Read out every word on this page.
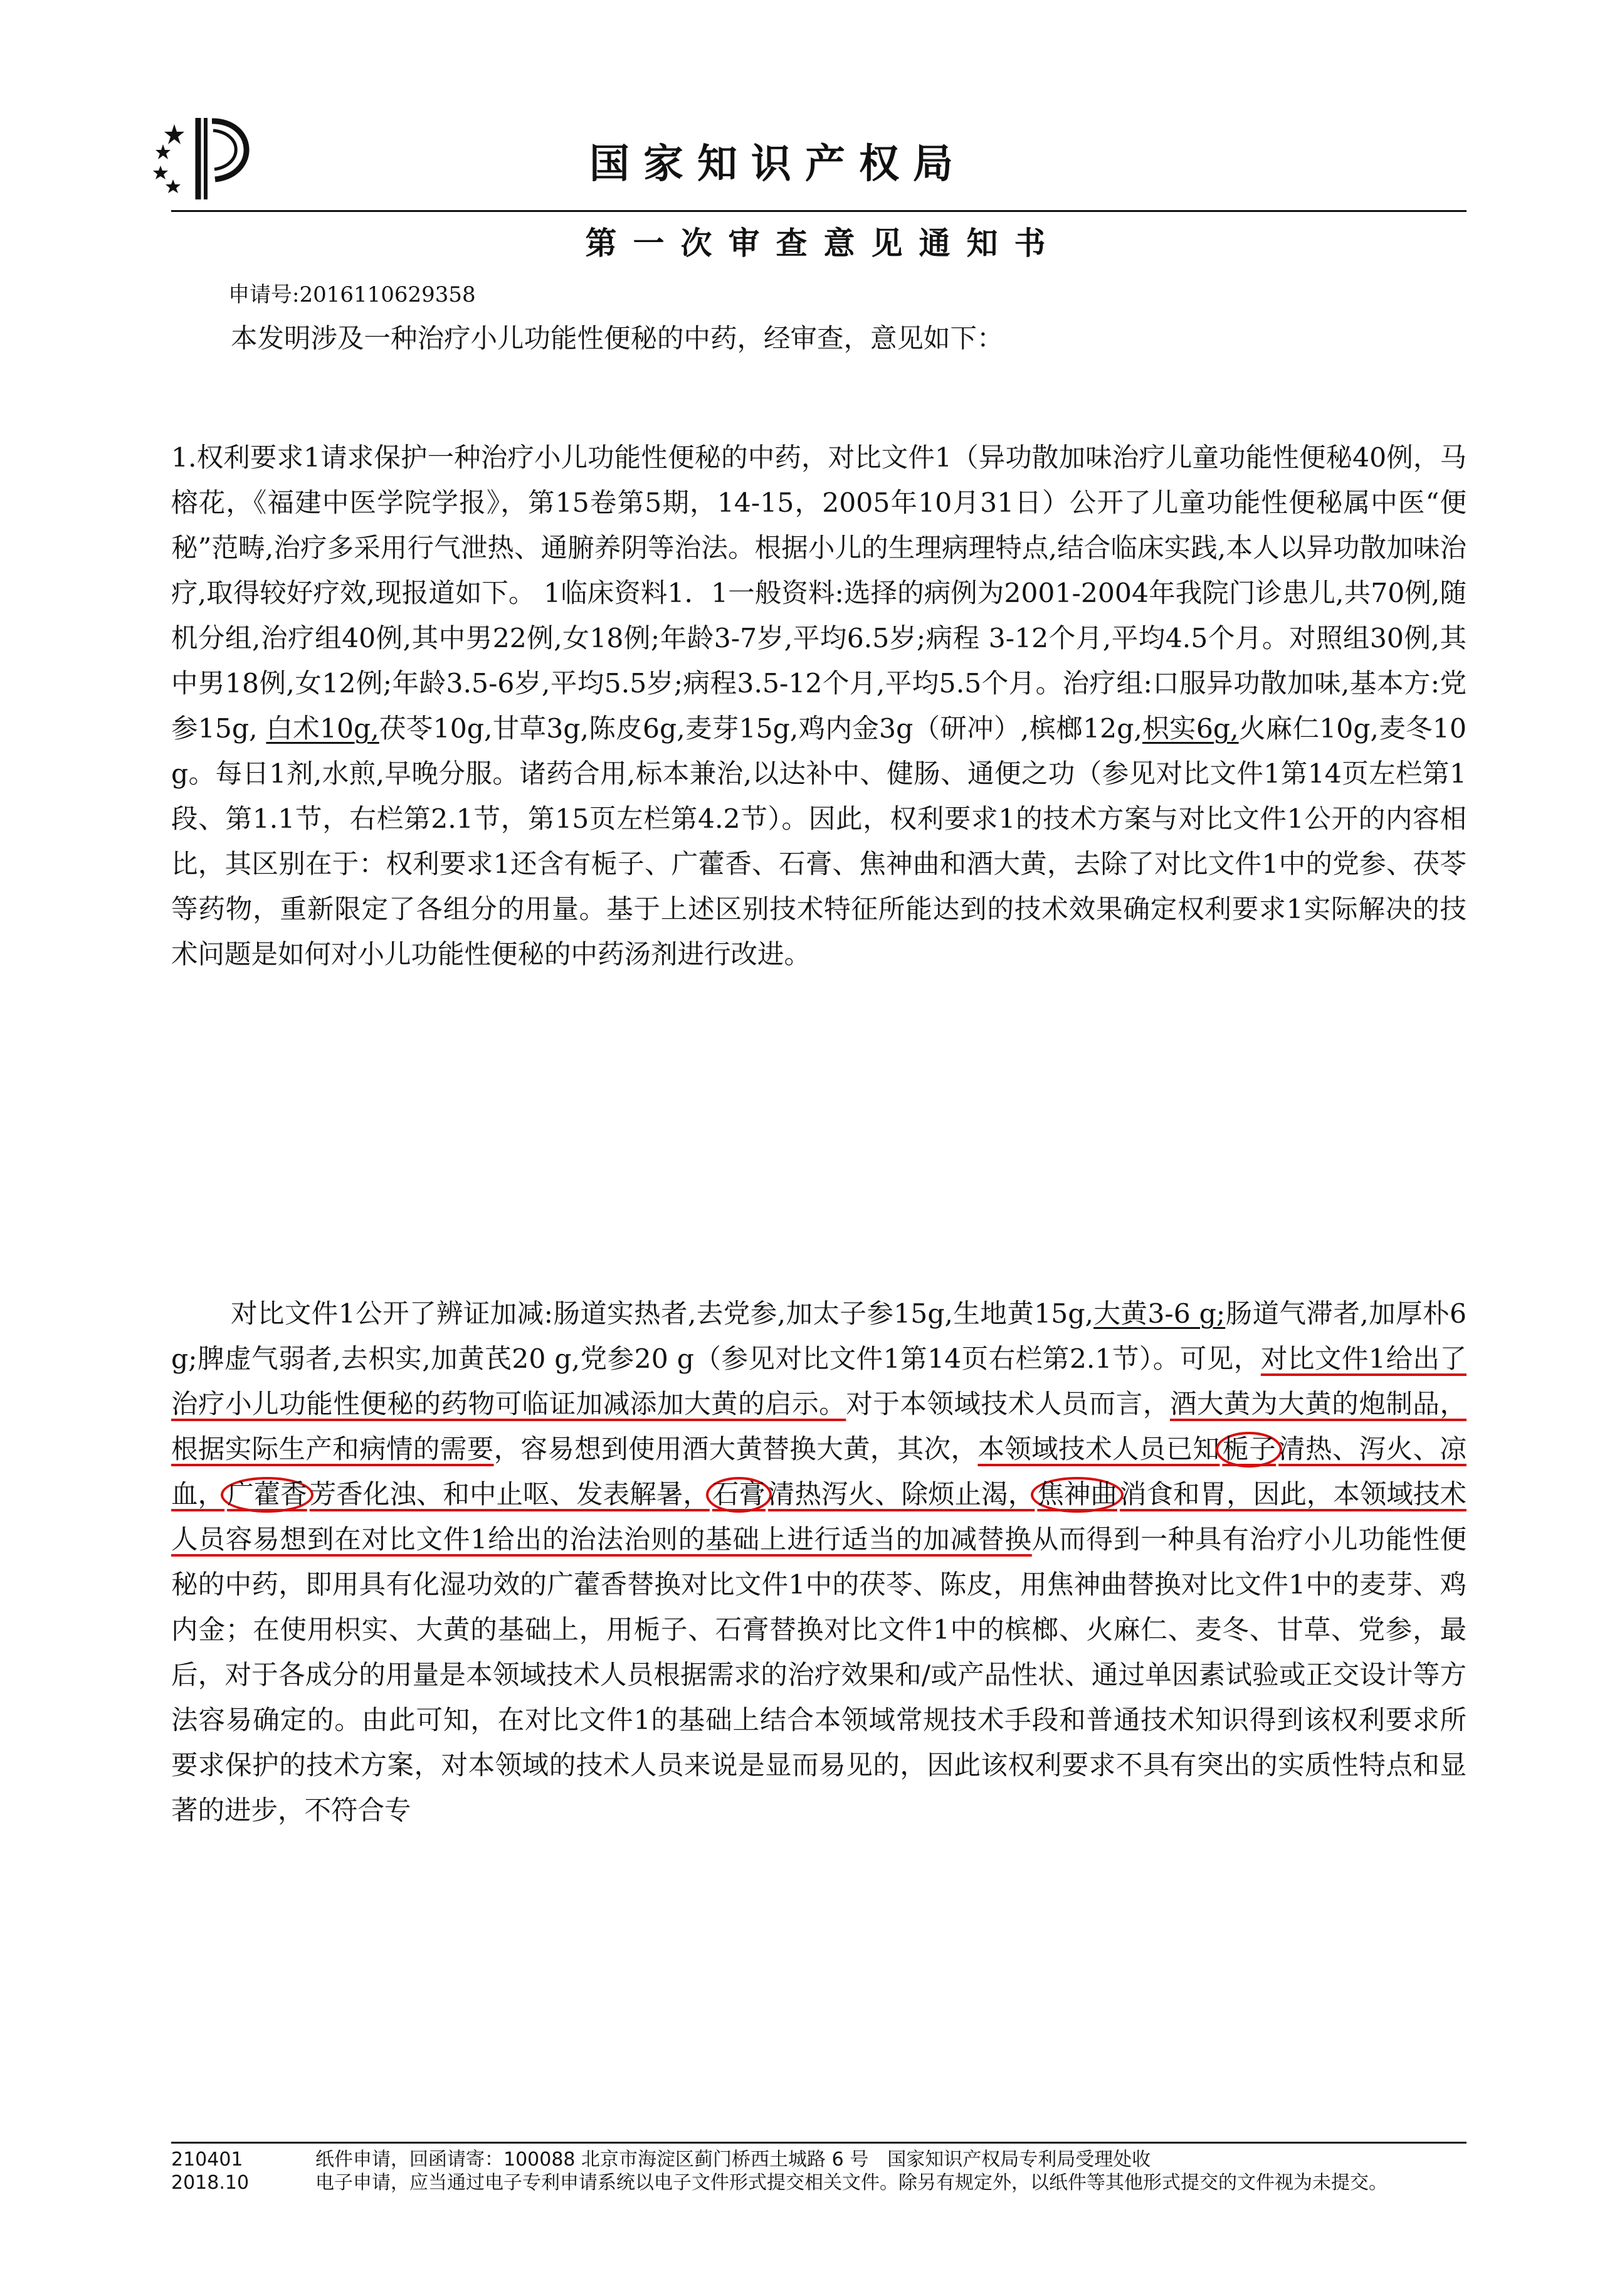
国家知识产权局
第一次审查意见通知书
申请号:2016110629358
本发明涉及一种治疗小儿功能性便秘的中药，经审查，意见如下：
1.权利要求1请求保护一种治疗小儿功能性便秘的中药，对比文件1（异功散加味治疗儿童功能性便秘40例，马榕花，《福建中医学院学报》，第15卷第5期，14-15，2005年10月31日）公开了儿童功能性便秘属中医“便秘”范畴,治疗多采用行气泄热、通腑养阴等治法。根据小儿的生理病理特点,结合临床实践,本人以异功散加味治疗,取得较好疗效,现报道如下。 1临床资料1．1一般资料:选择的病例为2001-2004年我院门诊患儿,共70例,随机分组,治疗组40例,其中男22例,女18例;年龄3-7岁,平均6.5岁;病程 3-12个月,平均4.5个月。对照组30例,其中男18例,女12例;年龄3.5-6岁,平均5.5岁;病程3.5-12个月,平均5.5个月。治疗组:口服异功散加味,基本方:党参15g, 白术10g,茯苓10g,甘草3g,陈皮6g,麦芽15g,鸡内金3g（研冲）,槟榔12g,枳实6g,火麻仁10g,麦冬10g。每日1剂,水煎,早晚分服。诸药合用,标本兼治,以达补中、健肠、通便之功（参见对比文件1第14页左栏第1段、第1.1节，右栏第2.1节，第15页左栏第4.2节）。因此，权利要求1的技术方案与对比文件1公开的内容相比，其区别在于：权利要求1还含有栀子、广藿香、石膏、焦神曲和酒大黄，去除了对比文件1中的党参、茯苓等药物，重新限定了各组分的用量。基于上述区别技术特征所能达到的技术效果确定权利要求1实际解决的技术问题是如何对小儿功能性便秘的中药汤剂进行改进。
对比文件1公开了辨证加减:肠道实热者,去党参,加太子参15g,生地黄15g,大黄3-6 g;肠道气滞者,加厚朴6 g;脾虚气弱者,去枳实,加黄芪20 g,党参20 g（参见对比文件1第14页右栏第2.1节）。可见，对比文件1给出了治疗小儿功能性便秘的药物可临证加减添加大黄的启示。对于本领域技术人员而言，酒大黄为大黄的炮制品，根据实际生产和病情的需要，容易想到使用酒大黄替换大黄，其次，本领域技术人员已知栀子清热、泻火、凉血，广藿香芳香化浊、和中止呕、发表解暑，石膏清热泻火、除烦止渴，焦神曲消食和胃，因此，本领域技术人员容易想到在对比文件1给出的治法治则的基础上进行适当的加减替换从而得到一种具有治疗小儿功能性便秘的中药，即用具有化湿功效的广藿香替换对比文件1中的茯苓、陈皮，用焦神曲替换对比文件1中的麦芽、鸡内金；在使用枳实、大黄的基础上，用栀子、石膏替换对比文件1中的槟榔、火麻仁、麦冬、甘草、党参，最后，对于各成分的用量是本领域技术人员根据需求的治疗效果和/或产品性状、通过单因素试验或正交设计等方法容易确定的。由此可知，在对比文件1的基础上结合本领域常规技术手段和普通技术知识得到该权利要求所要求保护的技术方案，对本领域的技术人员来说是显而易见的，因此该权利要求不具有突出的实质性特点和显著的进步，不符合专
210401	纸件申请，回函请寄：100088 北京市海淀区蓟门桥西土城路 6 号　国家知识产权局专利局受理处收
2018.10	电子申请，应当通过电子专利申请系统以电子文件形式提交相关文件。除另有规定外，以纸件等其他形式提交的文件视为未提交。
